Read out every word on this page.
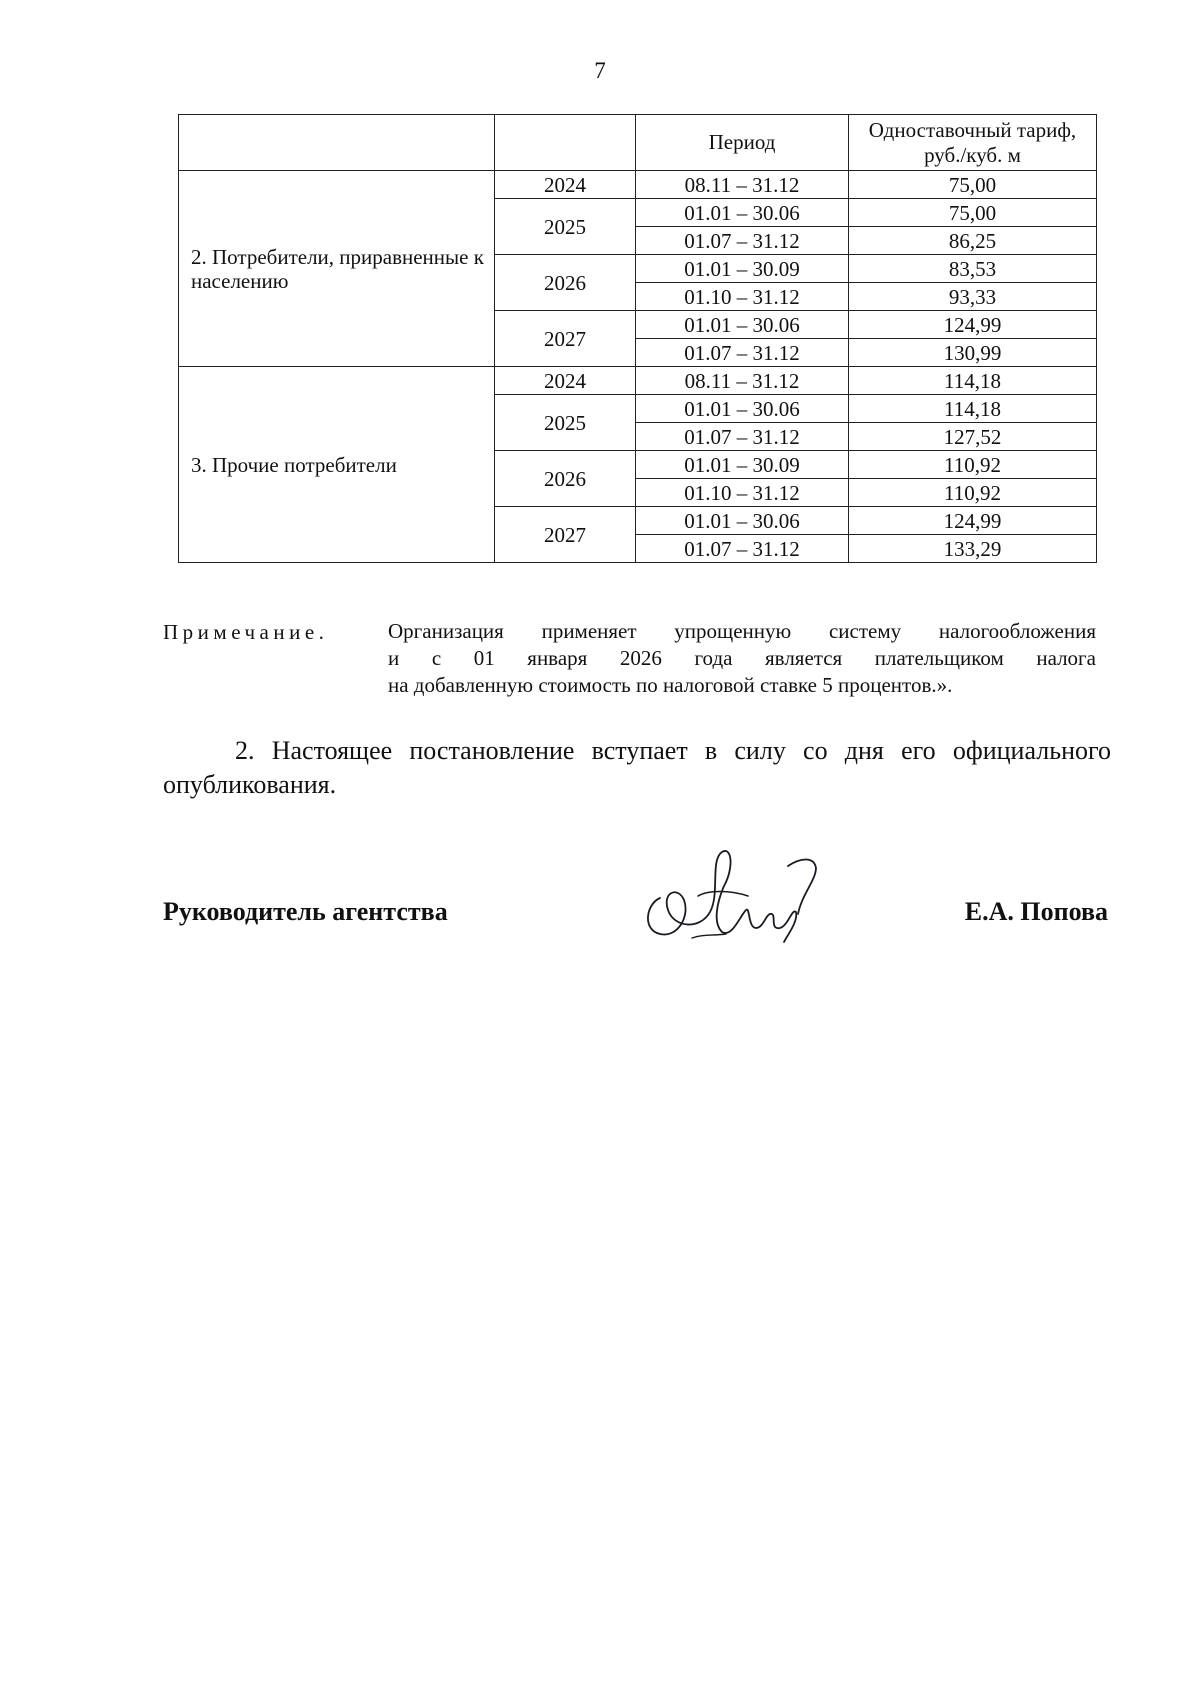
7
		Период	Одноставочный тариф, руб./куб. м
2. Потребители, приравненные к населению	2024	08.11 – 31.12	75,00
	2025	01.01 – 30.06	75,00
		01.07 – 31.12	86,25
	2026	01.01 – 30.09	83,53
		01.10 – 31.12	93,33
	2027	01.01 – 30.06	124,99
		01.07 – 31.12	130,99
3. Прочие потребители	2024	08.11 – 31.12	114,18
	2025	01.01 – 30.06	114,18
		01.07 – 31.12	127,52
	2026	01.01 – 30.09	110,92
		01.10 – 31.12	110,92
	2027	01.01 – 30.06	124,99
		01.07 – 31.12	133,29
Примечание.	Организация применяет упрощенную систему налогообложения
и с 01 января 2026 года является плательщиком налога
на добавленную стоимость по налоговой ставке 5 процентов.».
2. Настоящее постановление вступает в силу со дня его официального
опубликования.
Руководитель агентства	Е.А. Попова
